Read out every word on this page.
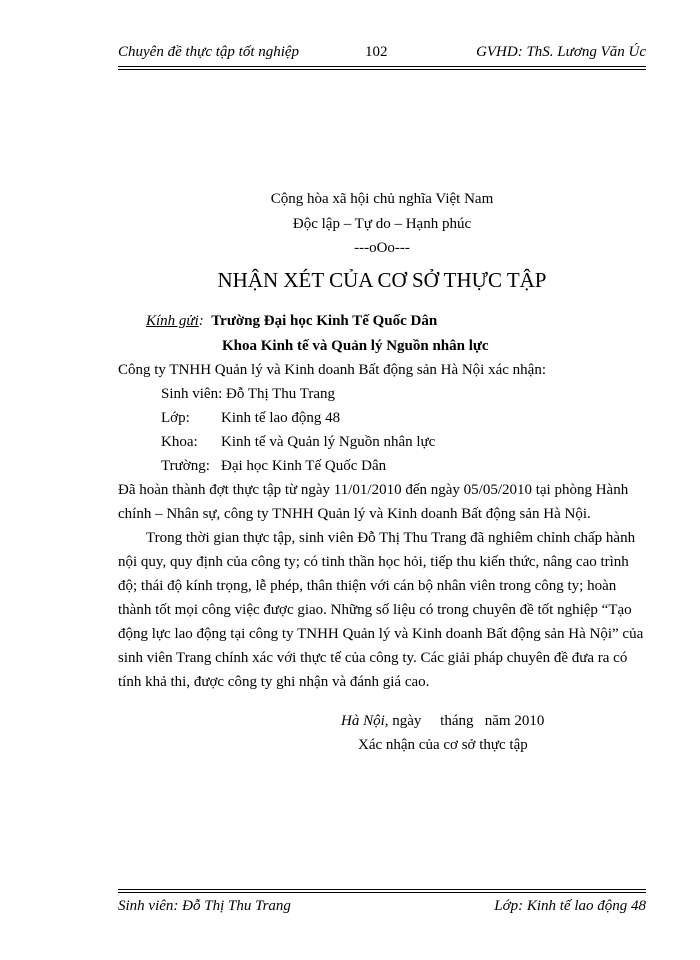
Chuyên đề thực tập tốt nghiệp	102	GVHD: ThS. Lương Văn Úc
Cộng hòa xã hội chủ nghĩa Việt Nam
Độc lập – Tự do – Hạnh phúc
---oOo---
NHẬN XÉT CỦA CƠ SỞ THỰC TẬP
Kính gửi: Trường Đại học Kinh Tế Quốc Dân
Khoa Kinh tế và Quản lý Nguồn nhân lực
Công ty TNHH Quản lý và Kinh doanh Bất động sản Hà Nội xác nhận:
Sinh viên: Đỗ Thị Thu Trang
Lớp: Kinh tế lao động 48
Khoa: Kinh tế và Quản lý Nguồn nhân lực
Trường: Đại học Kinh Tế Quốc Dân
Đã hoàn thành đợt thực tập từ ngày 11/01/2010 đến ngày 05/05/2010 tại phòng Hành
chính – Nhân sự, công ty TNHH Quản lý và Kinh doanh Bất động sản Hà Nội.
Trong thời gian thực tập, sinh viên Đỗ Thị Thu Trang đã nghiêm chỉnh chấp hành
nội quy, quy định của công ty; có tinh thần học hỏi, tiếp thu kiến thức, nâng cao trình
độ; thái độ kính trọng, lễ phép, thân thiện với cán bộ nhân viên trong công ty; hoàn
thành tốt mọi công việc được giao. Những số liệu có trong chuyên đề tốt nghiệp “Tạo
động lực lao động tại công ty TNHH Quản lý và Kinh doanh Bất động sản Hà Nội” của
sinh viên Trang chính xác với thực tế của công ty. Các giải pháp chuyên đề đưa ra có
tính khả thi, được công ty ghi nhận và đánh giá cao.
Hà Nội, ngày     tháng   năm 2010
Xác nhận của cơ sở thực tập
Sinh viên: Đỗ Thị Thu Trang	Lớp: Kinh tế lao động 48
